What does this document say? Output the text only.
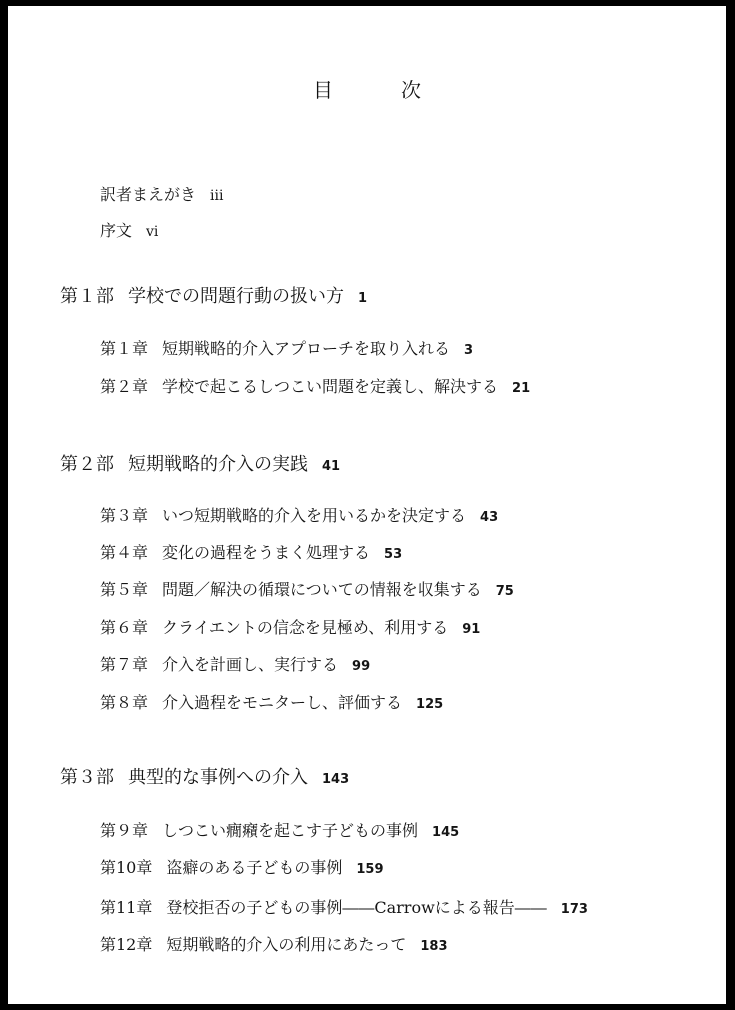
目　次
訳者まえがき iii
序文 vi
第１部 学校での問題行動の扱い方 1
第１章 短期戦略的介入アプローチを取り入れる 3
第２章 学校で起こるしつこい問題を定義し、解決する 21
第２部 短期戦略的介入の実践 41
第３章 いつ短期戦略的介入を用いるかを決定する 43
第４章 変化の過程をうまく処理する 53
第５章 問題／解決の循環についての情報を収集する 75
第６章 クライエントの信念を見極め、利用する 91
第７章 介入を計画し、実行する 99
第８章 介入過程をモニターし、評価する 125
第３部 典型的な事例への介入 143
第９章 しつこい癇癪を起こす子どもの事例 145
第10章 盗癖のある子どもの事例 159
第11章 登校拒否の子どもの事例――Carrowによる報告―― 173
第12章 短期戦略的介入の利用にあたって 183
